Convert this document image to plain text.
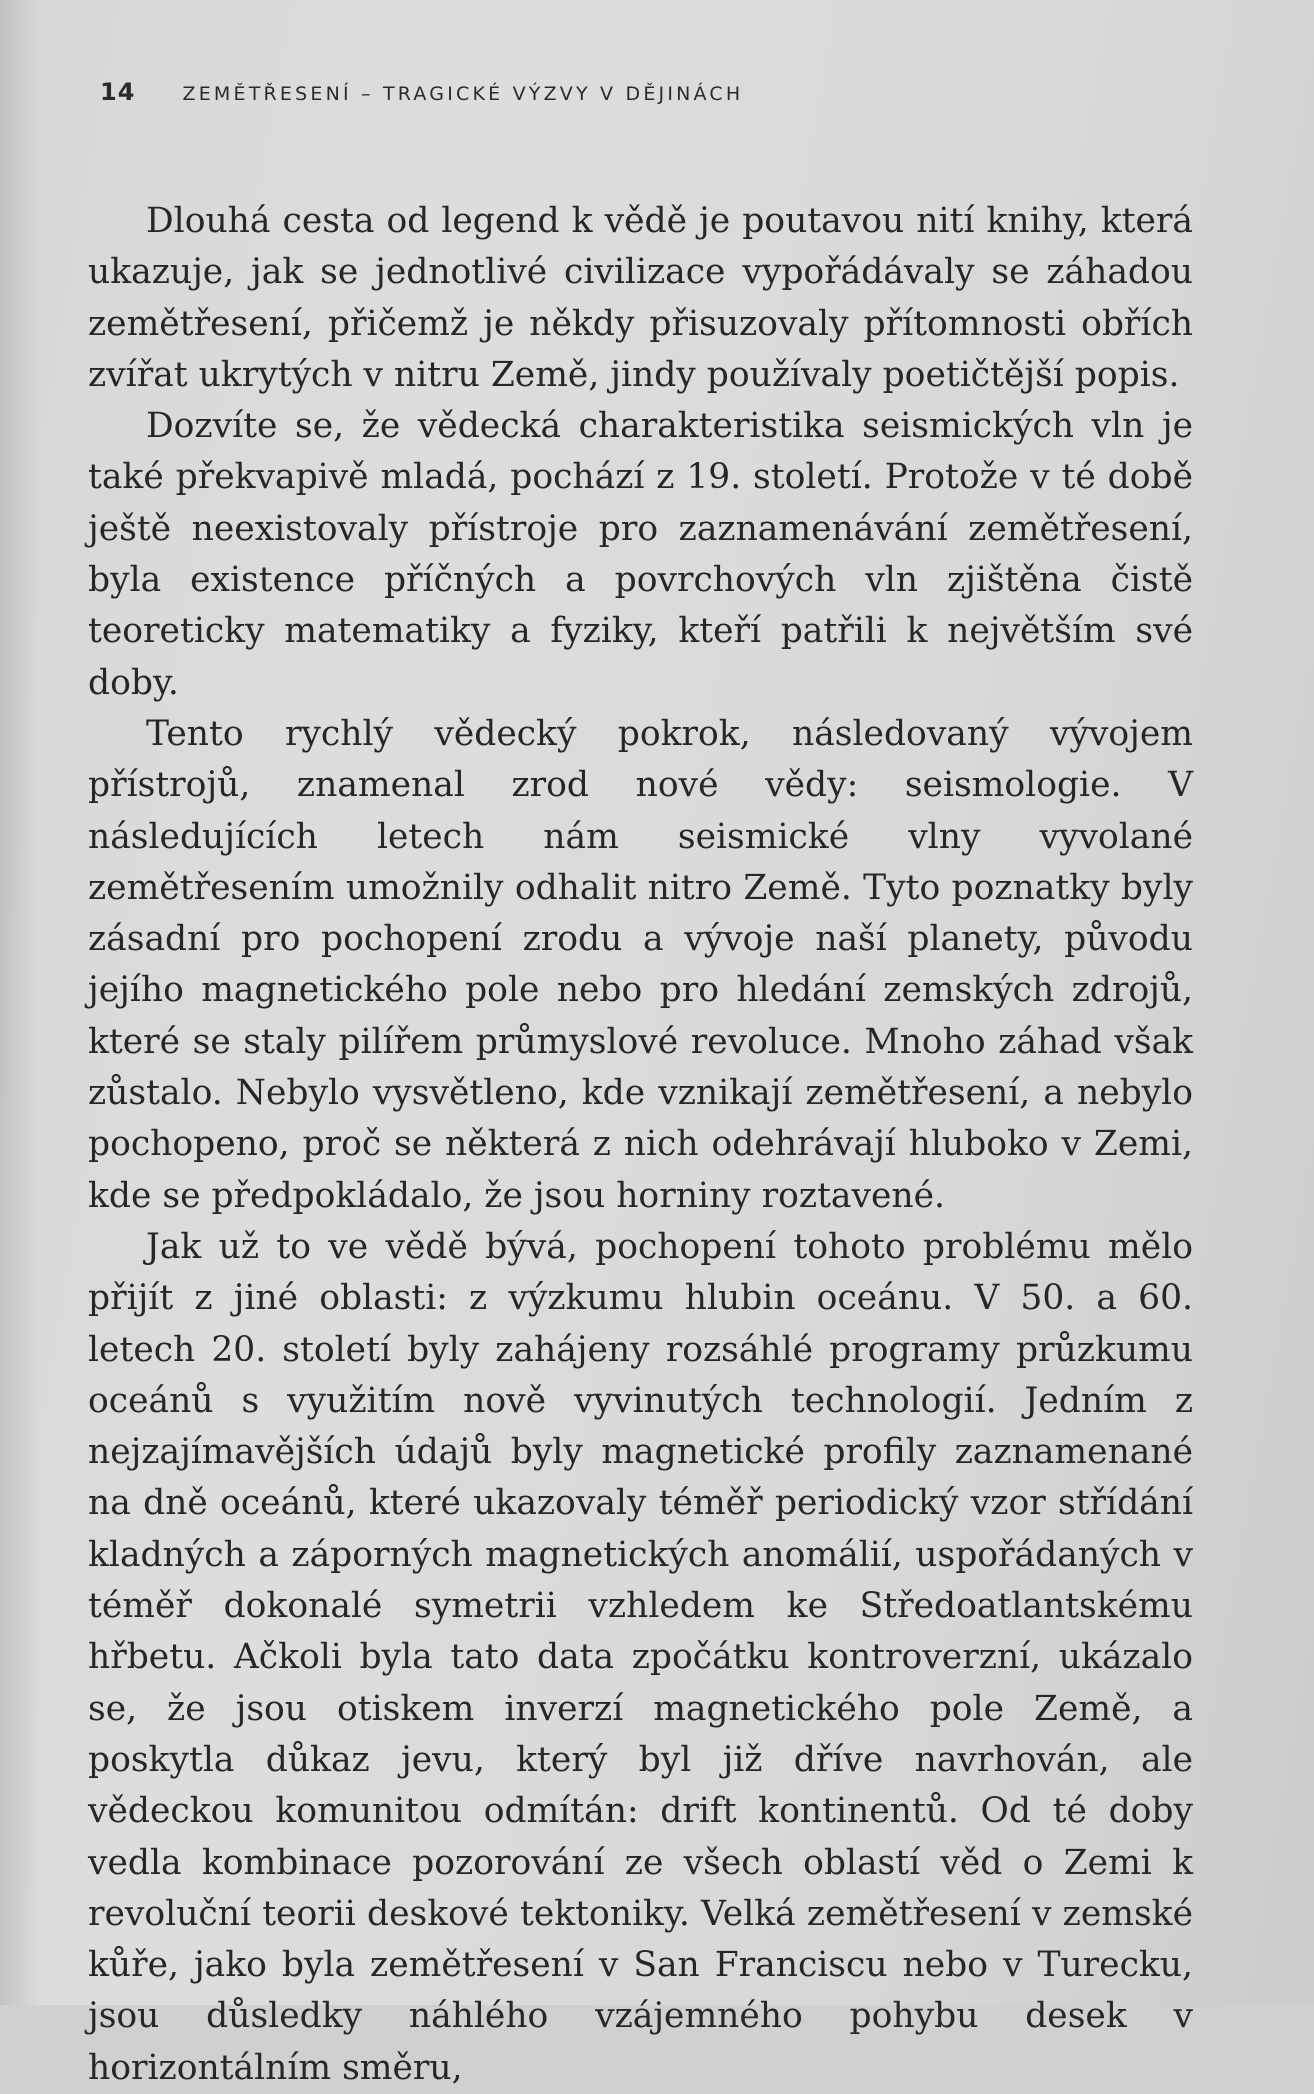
14 ZEMĚTŘESENÍ – TRAGICKÉ VÝZVY V DĚJINÁCH

Dlouhá cesta od legend k vědě je poutavou nití knihy, která ukazuje, jak se jednotlivé civilizace vypořádávaly se záhadou zemětřesení, přičemž je někdy přisuzovaly přítomnosti obřích zvířat ukrytých v nitru Země, jindy používaly poetičtější popis.

Dozvíte se, že vědecká charakteristika seismických vln je také překvapivě mladá, pochází z 19. století. Protože v té době ještě neexistovaly přístroje pro zaznamenávání zemětřesení, byla existence příčných a povrchových vln zjištěna čistě teoreticky matematiky a fyziky, kteří patřili k největším své doby.

Tento rychlý vědecký pokrok, následovaný vývojem přístrojů, znamenal zrod nové vědy: seismologie. V následujících letech nám seismické vlny vyvolané zemětřesením umožnily odhalit nitro Země. Tyto poznatky byly zásadní pro pochopení zrodu a vývoje naší planety, původu jejího magnetického pole nebo pro hledání zemských zdrojů, které se staly pilířem průmyslové revoluce. Mnoho záhad však zůstalo. Nebylo vysvětleno, kde vznikají zemětřesení, a nebylo pochopeno, proč se některá z nich odehrávají hluboko v Zemi, kde se předpokládalo, že jsou horniny roztavené.

Jak už to ve vědě bývá, pochopení tohoto problému mělo přijít z jiné oblasti: z výzkumu hlubin oceánu. V 50. a 60. letech 20. století byly zahájeny rozsáhlé programy průzkumu oceánů s využitím nově vyvinutých technologií. Jedním z nejzajímavějších údajů byly magnetické profily zaznamenané na dně oceánů, které ukazovaly téměř periodický vzor střídání kladných a záporných magnetických anomálií, uspořádaných v téměř dokonalé symetrii vzhledem ke Středoatlantskému hřbetu. Ačkoli byla tato data zpočátku kontroverzní, ukázalo se, že jsou otiskem inverzí magnetického pole Země, a poskytla důkaz jevu, který byl již dříve navrhován, ale vědeckou komunitou odmítán: drift kontinentů. Od té doby vedla kombinace pozorování ze všech oblastí věd o Zemi k revoluční teorii deskové tektoniky. Velká zemětřesení v zemské kůře, jako byla zemětřesení v San Franciscu nebo v Turecku, jsou důsledky náhlého vzájemného pohybu desek v horizontálním směru,
